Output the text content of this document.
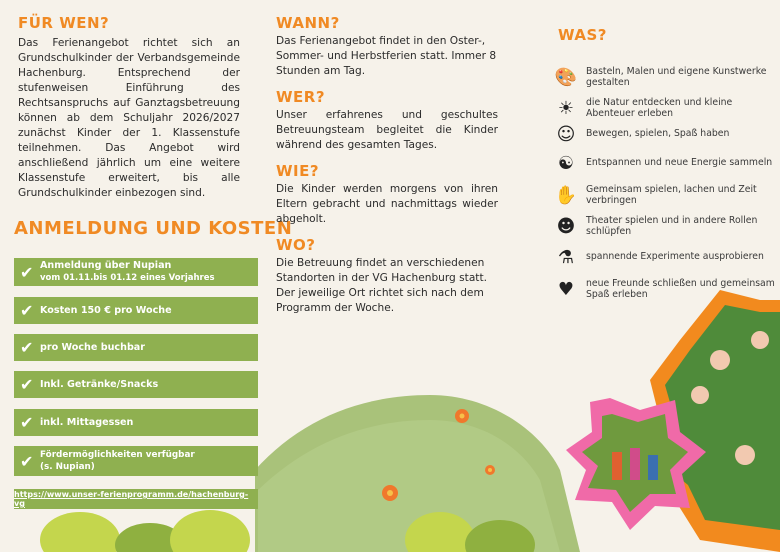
FÜR WEN?

Das Ferienangebot richtet sich an Grundschulkinder der Verbandsgemeinde Hachenburg. Entsprechend der stufenweisen Einführung des Rechtsanspruchs auf Ganztagsbetreuung können ab dem Schuljahr 2026/2027 zunächst Kinder der 1. Klassenstufe teilnehmen. Das Angebot wird anschließend jährlich um eine weitere Klassenstufe erweitert, bis alle Grundschulkinder einbezogen sind.

ANMELDUNG UND KOSTEN
✔ Anmeldung über Nupian
vom 01.11.bis 01.12 eines Vorjahres
✔ Kosten 150 € pro Woche
✔ pro Woche buchbar
✔ Inkl. Getränke/Snacks
✔ inkl. Mittagessen
✔ Fördermöglichkeiten verfügbar
(s. Nupian)
https://www.unser-ferienprogramm.de/hachenburg-vg
WANN?

Das Ferienangebot findet in den Oster-, Sommer- und Herbstferien statt. Immer 8 Stunden am Tag.

WER?

Unser erfahrenes und geschultes Betreuungsteam begleitet die Kinder während des gesamten Tages.

WIE?

Die Kinder werden morgens von ihren Eltern gebracht und nachmittags wieder abgeholt.

WO?

Die Betreuung findet an verschiedenen Standorten in der VG Hachenburg statt. Der jeweilige Ort richtet sich nach dem Programm der Woche.

WAS?
🎨 Basteln, Malen und eigene Kunstwerke gestalten
☀	die Natur entdecken und kleine Abenteuer erleben
☺	Bewegen, spielen, Spaß haben
☯	Entspannen und neue Energie sammeln
✋ Gemeinsam spielen, lachen und Zeit verbringen
☻	Theater spielen und in andere Rollen schlüpfen
⚗	spannende Experimente ausprobieren
♥	neue Freunde schließen und gemeinsam Spaß erleben
